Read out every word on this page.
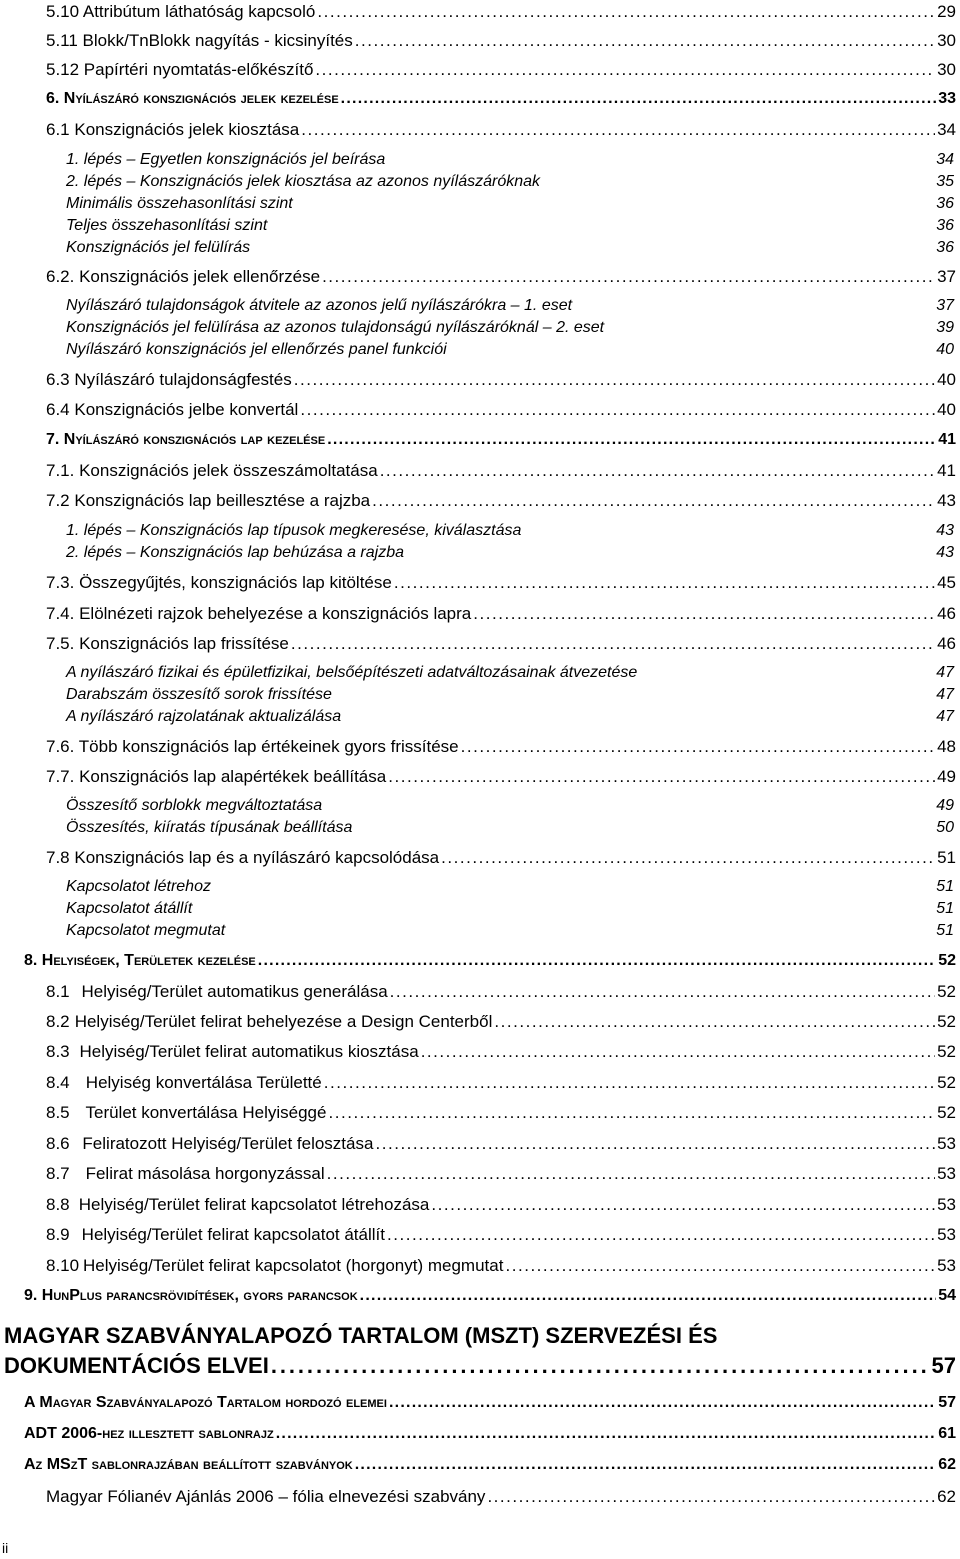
5.10 Attribútum láthatóság kapcsoló . . .	29
5.11 Blokk/TnBlokk nagyítás - kicsinyítés . . .	30
5.12 Papírtéri nyomtatás-előkészítő . . .	30
6. Nyílászáró konszignációs jelek kezelése . . .	33
6.1 Konszignációs jelek kiosztása . . .	34
1. lépés – Egyetlen konszignációs jel beírása	34
2. lépés – Konszignációs jelek kiosztása az azonos nyílászáróknak	35
Minimális összehasonlítási szint	36
Teljes összehasonlítási szint	36
Konszignációs jel felülírás	36
6.2. Konszignációs jelek ellenőrzése . . .	37
Nyílászáró tulajdonságok átvitele az azonos jelű nyílászárókra – 1. eset	37
Konszignációs jel felülírása az azonos tulajdonságú nyílászáróknál – 2. eset	39
Nyílászáró konszignációs jel ellenőrzés panel funkciói	40
6.3 Nyílászáró tulajdonságfestés . . .	40
6.4 Konszignációs jelbe konvertál . . .	40
7. Nyílászáró konszignációs lap kezelése . . .	41
7.1. Konszignációs jelek összeszámoltatása . . .	41
7.2 Konszignációs lap beillesztése a rajzba . . .	43
1. lépés – Konszignációs lap típusok megkeresése, kiválasztása	43
2. lépés – Konszignációs lap behúzása a rajzba	43
7.3. Összegyűjtés, konszignációs lap kitöltése . . .	45
7.4. Elölnézeti rajzok behelyezése a konszignációs lapra . . .	46
7.5. Konszignációs lap frissítése . . .	46
A nyílászáró fizikai és épületfizikai, belsőépítészeti adatváltozásainak átvezetése	47
Darabszám összesítő sorok frissítése	47
A nyílászáró rajzolatának aktualizálása	47
7.6. Több konszignációs lap értékeinek gyors frissítése . . .	48
7.7. Konszignációs lap alapértékek beállítása . . .	49
Összesítő sorblokk megváltoztatása	49
Összesítés, kiíratás típusának beállítása	50
7.8 Konszignációs lap és a nyílászáró kapcsolódása . . .	51
Kapcsolatot létrehoz	51
Kapcsolatot átállít	51
Kapcsolatot megmutat	51
8. Helyiségek, Területek kezelése . . .	52
8.1 Helyiség/Terület automatikus generálása . . .	52
8.2 Helyiség/Terület felirat behelyezése a Design Centerből . . .	52
8.3 Helyiség/Terület felirat automatikus kiosztása . . .	52
8.4 Helyiség konvertálása Területté . . .	52
8.5 Terület konvertálása Helyiséggé . . .	52
8.6 Feliratozott Helyiség/Terület felosztása . . .	53
8.7 Felirat másolása horgonyzással . . .	53
8.8 Helyiség/Terület felirat kapcsolatot létrehozása . . .	53
8.9 Helyiség/Terület felirat kapcsolatot átállít . . .	53
8.10 Helyiség/Terület felirat kapcsolatot (horgonyt) megmutat . . .	53
9. HunPlus parancsrövidítések, gyors parancsok . . .	54
MAGYAR SZABVÁNYALAPOZÓ TARTALOM (MSZT) SZERVEZÉSI ÉS
DOKUMENTÁCIÓS ELVEI . . .	57
A Magyar Szabványalapozó Tartalom hordozó elemei . . .	57
ADT 2006-hez illesztett sablonrajz . . .	61
Az MSzT sablonrajzában beállított szabványok . . .	62
Magyar Fólianév Ajánlás 2006 – fólia elnevezési szabvány . . .	62
ii
